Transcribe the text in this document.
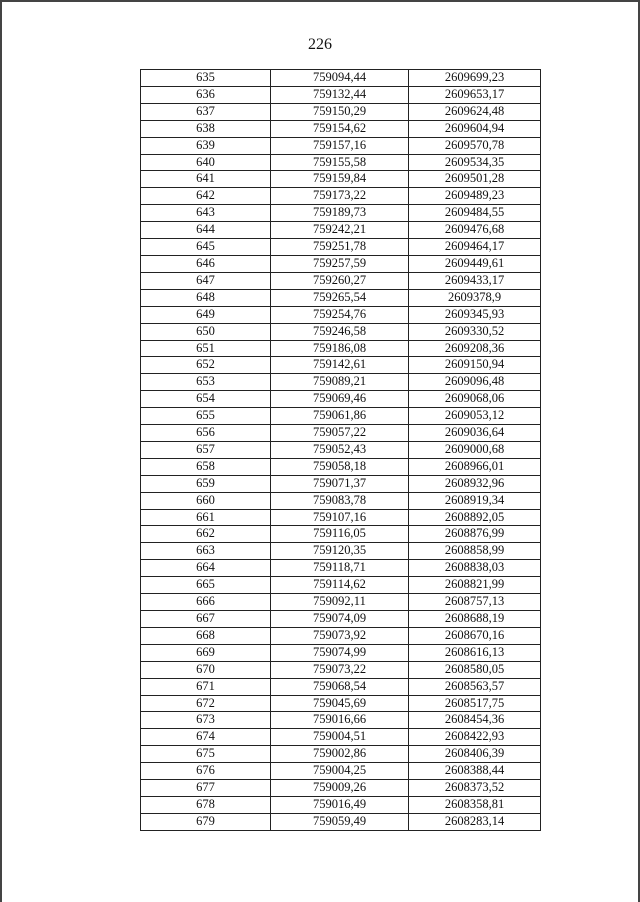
226
635	759094,44	2609699,23
636	759132,44	2609653,17
637	759150,29	2609624,48
638	759154,62	2609604,94
639	759157,16	2609570,78
640	759155,58	2609534,35
641	759159,84	2609501,28
642	759173,22	2609489,23
643	759189,73	2609484,55
644	759242,21	2609476,68
645	759251,78	2609464,17
646	759257,59	2609449,61
647	759260,27	2609433,17
648	759265,54	2609378,9
649	759254,76	2609345,93
650	759246,58	2609330,52
651	759186,08	2609208,36
652	759142,61	2609150,94
653	759089,21	2609096,48
654	759069,46	2609068,06
655	759061,86	2609053,12
656	759057,22	2609036,64
657	759052,43	2609000,68
658	759058,18	2608966,01
659	759071,37	2608932,96
660	759083,78	2608919,34
661	759107,16	2608892,05
662	759116,05	2608876,99
663	759120,35	2608858,99
664	759118,71	2608838,03
665	759114,62	2608821,99
666	759092,11	2608757,13
667	759074,09	2608688,19
668	759073,92	2608670,16
669	759074,99	2608616,13
670	759073,22	2608580,05
671	759068,54	2608563,57
672	759045,69	2608517,75
673	759016,66	2608454,36
674	759004,51	2608422,93
675	759002,86	2608406,39
676	759004,25	2608388,44
677	759009,26	2608373,52
678	759016,49	2608358,81
679	759059,49	2608283,14
